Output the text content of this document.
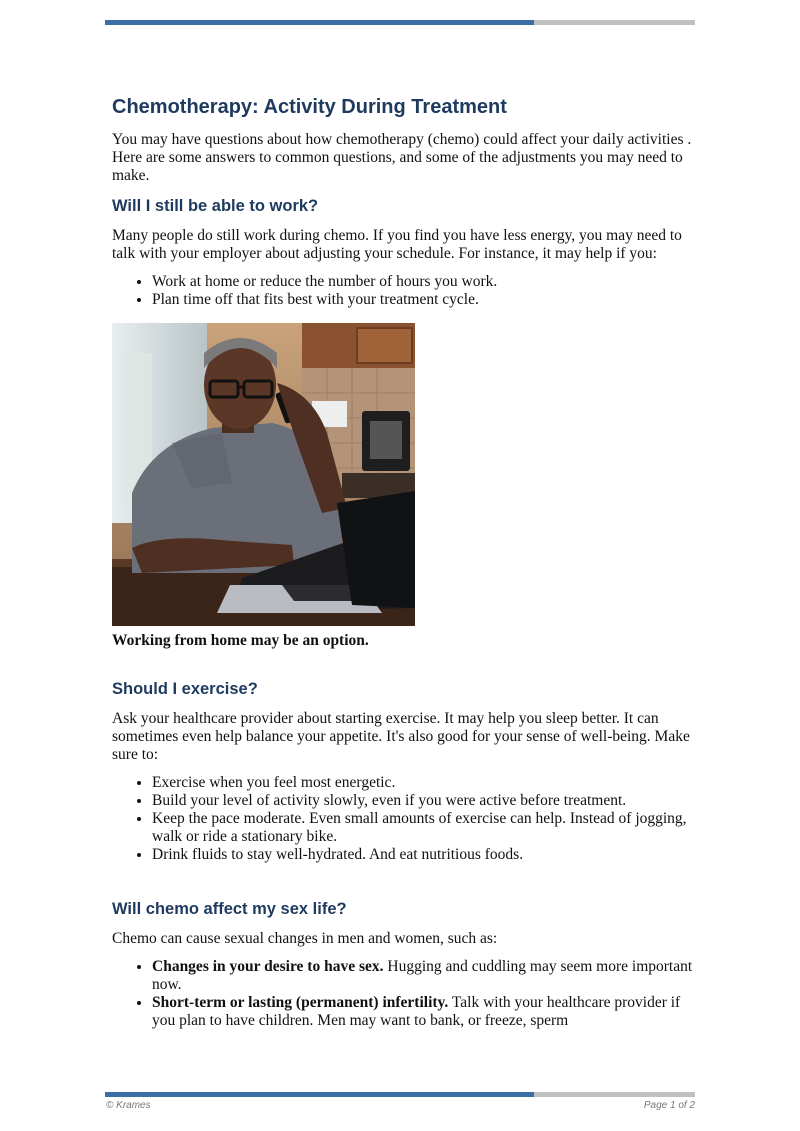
Chemotherapy: Activity During Treatment

You may have questions about how chemotherapy (chemo) could affect your daily activities . Here are some answers to common questions, and some of the adjustments you may need to make.

Will I still be able to work?

Many people do still work during chemo. If you find you have less energy, you may need to talk with your employer about adjusting your schedule. For instance, it may help if you:

• Work at home or reduce the number of hours you work.
• Plan time off that fits best with your treatment cycle.

Working from home may be an option.

Should I exercise?

Ask your healthcare provider about starting exercise. It may help you sleep better. It can sometimes even help balance your appetite. It's also good for your sense of well-being. Make sure to:

• Exercise when you feel most energetic.
• Build your level of activity slowly, even if you were active before treatment.
• Keep the pace moderate. Even small amounts of exercise can help. Instead of jogging, walk or ride a stationary bike.
• Drink fluids to stay well-hydrated. And eat nutritious foods.
Will chemo affect my sex life?

Chemo can cause sexual changes in men and women, such as:

• Changes in your desire to have sex. Hugging and cuddling may seem more important now.
• Short-term or lasting (permanent) infertility. Talk with your healthcare provider if you plan to have children. Men may want to bank, or freeze, sperm
© Krames	Page 1 of 2
